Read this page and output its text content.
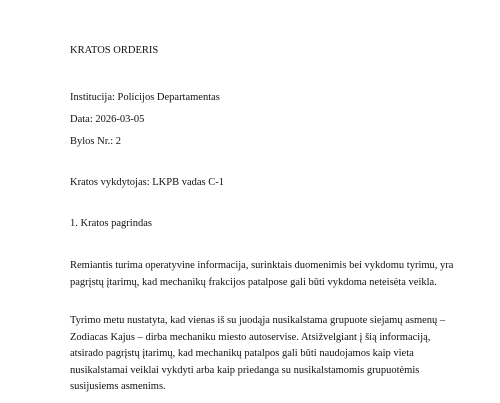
KRATOS ORDERIS
Institucija: Policijos Departamentas
Data: 2026-03-05
Bylos Nr.: 2
Kratos vykdytojas: LKPB vadas C-1
1. Kratos pagrindas
Remiantis turima operatyvine informacija, surinktais duomenimis bei vykdomu tyrimu, yra
pagrįstų įtarimų, kad mechanikų frakcijos patalpose gali būti vykdoma neteisėta veikla.
Tyrimo metu nustatyta, kad vienas iš su juodąja nusikalstama grupuote siejamų asmenų –
Zodiacas Kajus – dirba mechaniku miesto autoservise. Atsižvelgiant į šią informaciją,
atsirado pagrįstų įtarimų, kad mechanikų patalpos gali būti naudojamos kaip vieta
nusikalstamai veiklai vykdyti arba kaip priedanga su nusikalstamomis grupuotėmis
susijusiems asmenims.
